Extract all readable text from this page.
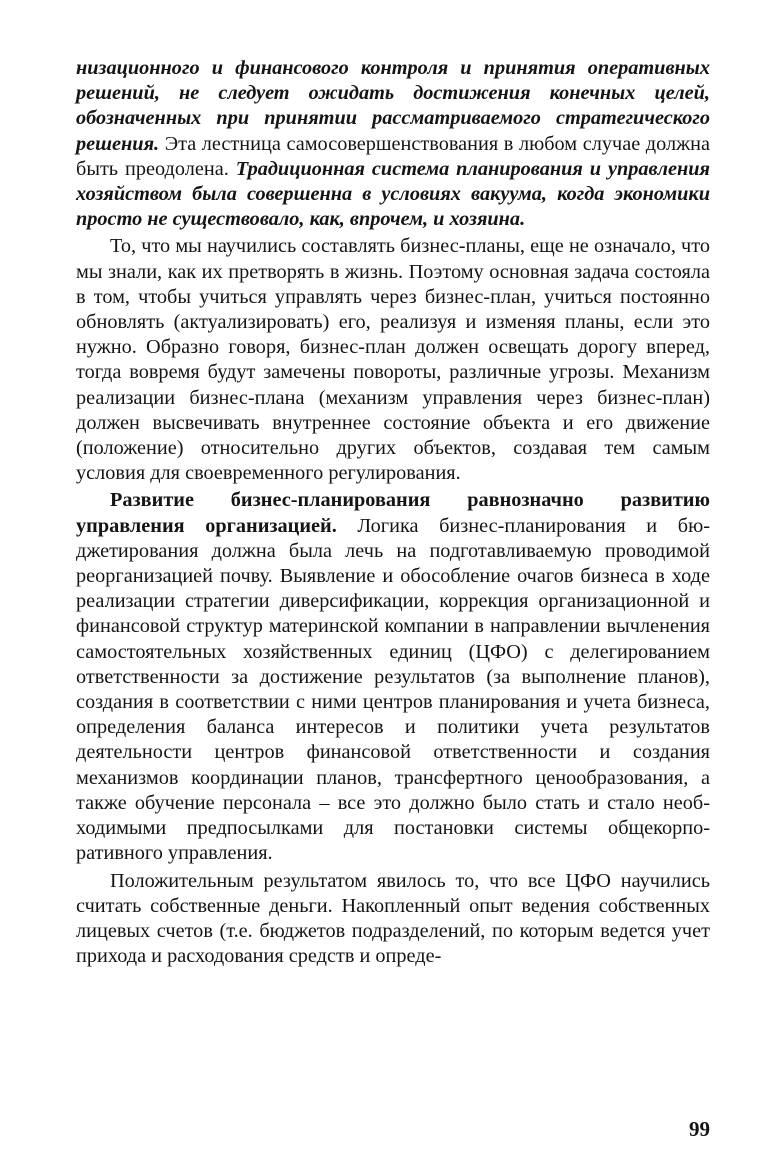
низационного и финансового контроля и принятия оперативных решений, не следует ожидать достижения конечных целей, обозначенных при принятии рассматриваемого стратегического решения. Эта лестница самосовершенствования в любом случае должна быть преодолена. Традиционная система планирования и управления хозяйством была совершенна в условиях вакуума, когда экономики просто не существовало, как, впрочем, и хозяина.

То, что мы научились составлять бизнес-планы, еще не означало, что мы знали, как их претворять в жизнь. Поэтому основная задача состояла в том, чтобы учиться управлять через бизнес-план, учиться постоянно обновлять (актуализировать) его, реализуя и изменяя планы, если это нужно. Образно говоря, бизнес-план должен освещать дорогу вперед, тогда вовремя будут замечены повороты, различные угрозы. Механизм реализации бизнес-плана (механизм управления через бизнес-план) должен высвечивать внутреннее состояние объекта и его движение (положение) относительно других объектов, создавая тем самым условия для своевременного регулирования.

Развитие бизнес-планирования равнозначно развитию управления организацией. Логика бизнес-планирования и бюджетирования должна была лечь на подготавливаемую проводимой реорганизацией почву. Выявление и обособление очагов бизнеса в ходе реализации стратегии диверсификации, коррекция организационной и финансовой структур материнской компании в направлении вычленения самостоятельных хозяйственных единиц (ЦФО) с делегированием ответственности за достижение результатов (за выполнение планов), создания в соответствии с ними центров планирования и учета бизнеса, определения баланса интересов и политики учета результатов деятельности центров финансовой ответственности и создания механизмов координации планов, трансфертного ценообразования, а также обучение персонала – все это должно было стать и стало необходимыми предпосылками для постановки системы общекорпоративного управления.

Положительным результатом явилось то, что все ЦФО научились считать собственные деньги. Накопленный опыт ведения собственных лицевых счетов (т.е. бюджетов подразделений, по которым ведется учет прихода и расходования средств и опреде-

99
